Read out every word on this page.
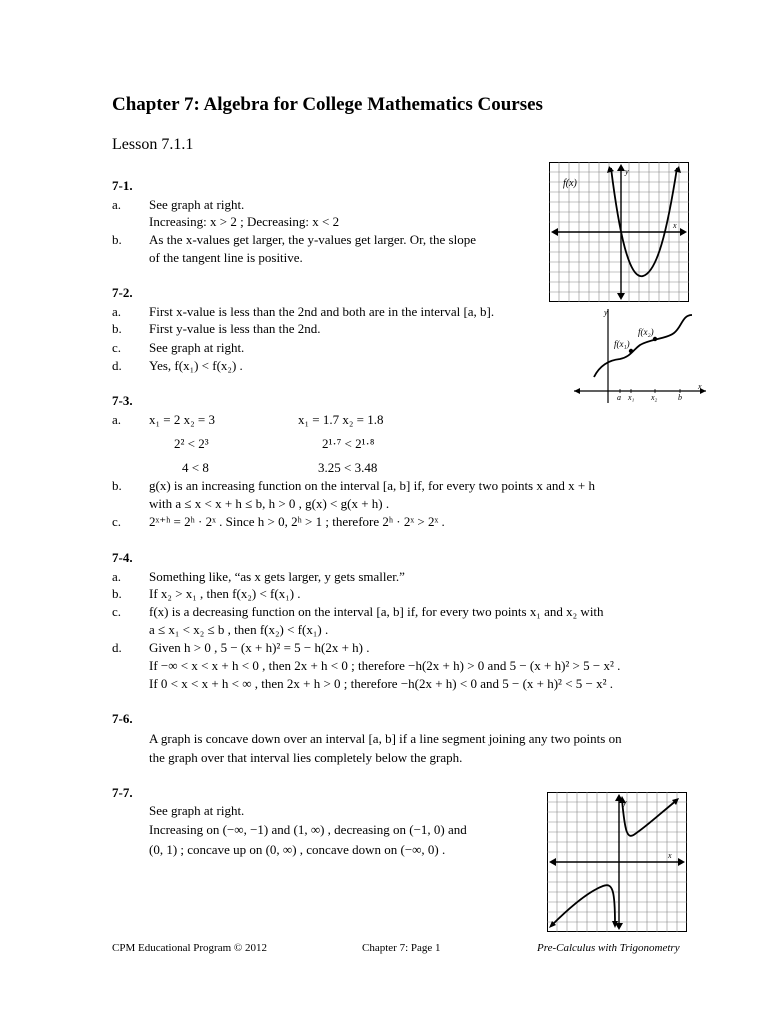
Chapter 7: Algebra for College Mathematics Courses
Lesson 7.1.1
7-1.
a. See graph at right.
Increasing: x > 2 ; Decreasing: x < 2
b. As the x-values get larger, the y-values get larger. Or, the slope
of the tangent line is positive.
7-2.
a. First x-value is less than the 2nd and both are in the interval [a, b].
b. First y-value is less than the 2nd.
c. See graph at right.
d. Yes, f(x₁) < f(x₂) .
7-3.
a. x₁ = 2 x₂ = 3	x₁ = 1.7 x₂ = 1.8
2² < 2³	2¹·⁷ < 2¹·⁸
4 < 8	3.25 < 3.48
b. g(x) is an increasing function on the interval [a, b] if, for every two points x and x + h
with a ≤ x < x + h ≤ b, h > 0 , g(x) < g(x + h) .
c. 2ˣ⁺ʰ = 2ʰ · 2ˣ . Since h > 0, 2ʰ > 1 ; therefore 2ʰ · 2ˣ > 2ˣ .
7-4.
a. Something like, “as x gets larger, y gets smaller.”
b. If x₂ > x₁ , then f(x₂) < f(x₁) .
c. f(x) is a decreasing function on the interval [a, b] if, for every two points x₁ and x₂ with
a ≤ x₁ < x₂ ≤ b , then f(x₂) < f(x₁) .
d. Given h > 0 , 5 − (x + h)² = 5 − h(2x + h) .
If −∞ < x < x + h < 0 , then 2x + h < 0 ; therefore −h(2x + h) > 0 and 5 − (x + h)² > 5 − x² .
If 0 < x < x + h < ∞ , then 2x + h > 0 ; therefore −h(2x + h) < 0 and 5 − (x + h)² < 5 − x² .
7-6.
A graph is concave down over an interval [a, b] if a line segment joining any two points on
the graph over that interval lies completely below the graph.
7-7.
See graph at right.
Increasing on (−∞, −1) and (1, ∞) , decreasing on (−1, 0) and
(0, 1) ; concave up on (0, ∞) , concave down on (−∞, 0) .
f(x)
y
x
f(x₁)
f(x₂)
y
x
a x₁ x₂	b
y
x
CPM Educational Program © 2012	Chapter 7: Page 1	Pre-Calculus with Trigonometry
